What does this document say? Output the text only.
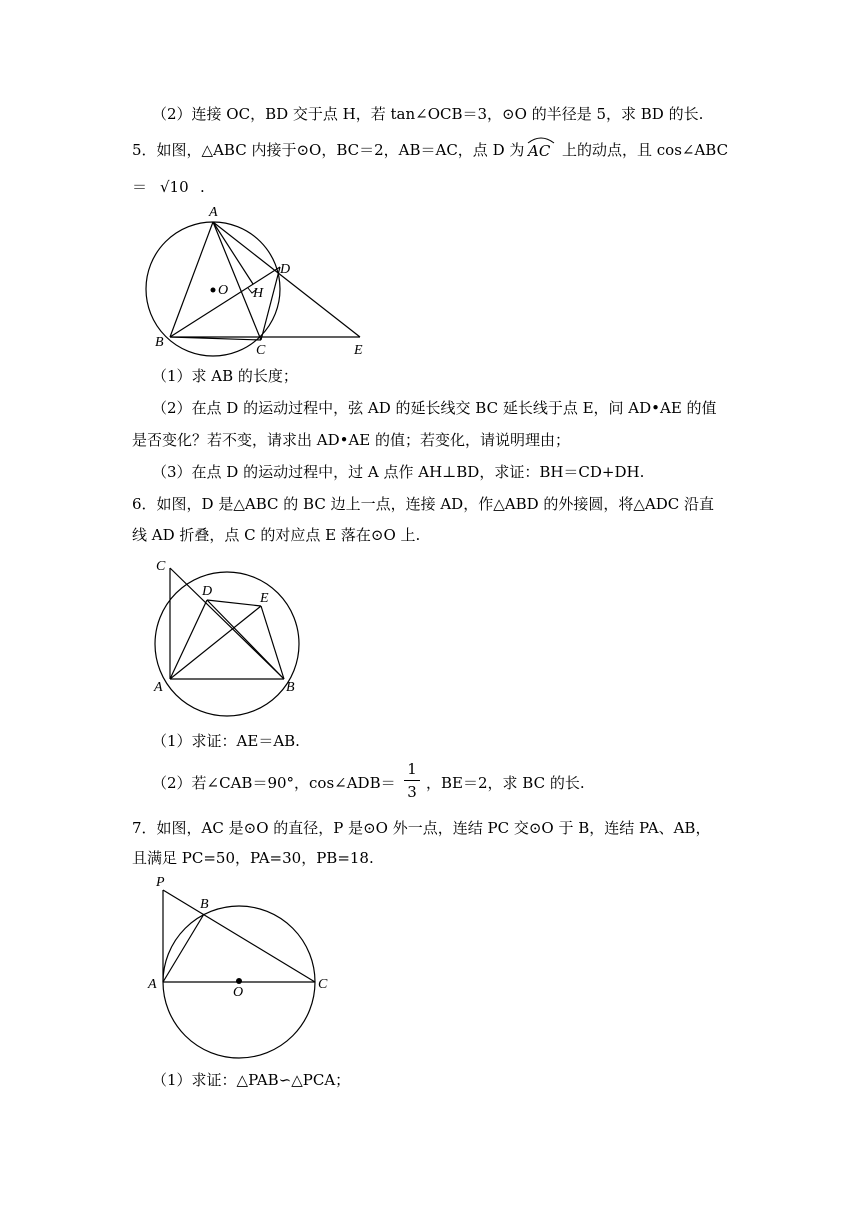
（2）连接 OC，BD 交于点 H，若 tan∠OCB＝3，⊙O 的半径是 5，求 BD 的长.
5．如图，△ABC 内接于⊙O，BC＝2，AB＝AC，点 D 为 AC 上的动点，且 cos∠ABC
＝ √10 .
A
B
C
D
E
H
O
（1）求 AB 的长度；
（2）在点 D 的运动过程中，弦 AD 的延长线交 BC 延长线于点 E，问 AD•AE 的值
是否变化？若不变，请求出 AD•AE 的值；若变化，请说明理由；
（3）在点 D 的运动过程中，过 A 点作 AH⊥BD，求证：BH＝CD+DH.
6．如图，D 是△ABC 的 BC 边上一点，连接 AD，作△ABD 的外接圆，将△ADC 沿直
线 AD 折叠，点 C 的对应点 E 落在⊙O 上.
C
D	E
A	B
（1）求证：AE＝AB.
（2）若∠CAB＝90°，cos∠ADB＝
1
3 ，BE＝2，求 BC 的长.
7．如图，AC 是⊙O 的直径，P 是⊙O 外一点，连结 PC 交⊙O 于 B，连结 PA、AB，
且满足 PC=50，PA=30，PB=18.
P
B
A
O
C
（1）求证：△PAB∽△PCA；
